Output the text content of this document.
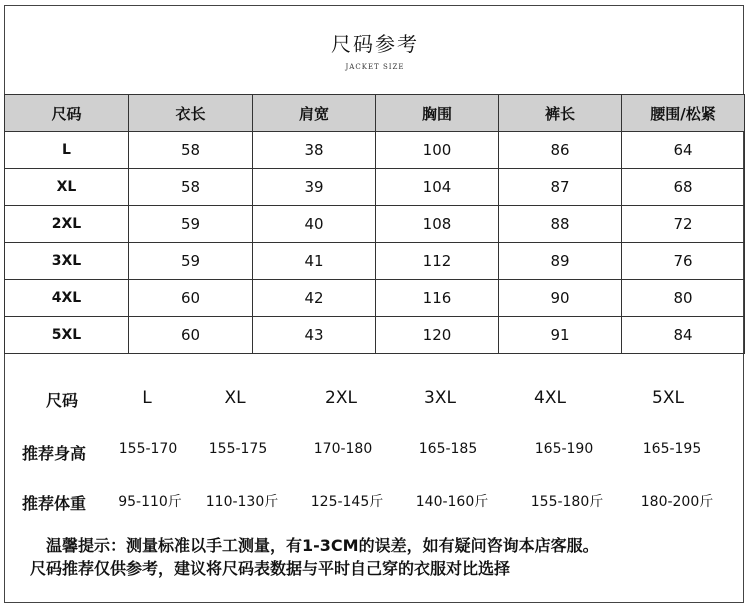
尺码参考
JACKET SIZE
尺码	衣长	肩宽	胸围	裤长	腰围/松紧
L	58	38	100	86	64
XL	58	39	104	87	68
2XL	59	40	108	88	72
3XL	59	41	112	89	76
4XL	60	42	116	90	80
5XL	60	43	120	91	84
尺码	L	XL	2XL	3XL	4XL	5XL
推荐身高 155-170 155-175	170-180	165-185	165-190	165-195
推荐体重 95-110斤 110-130斤 125-145斤 140-160斤	155-180斤	180-200斤
温馨提示：测量标准以手工测量，有1-3CM的误差，如有疑问咨询本店客服。
尺码推荐仅供参考，建议将尺码表数据与平时自己穿的衣服对比选择
